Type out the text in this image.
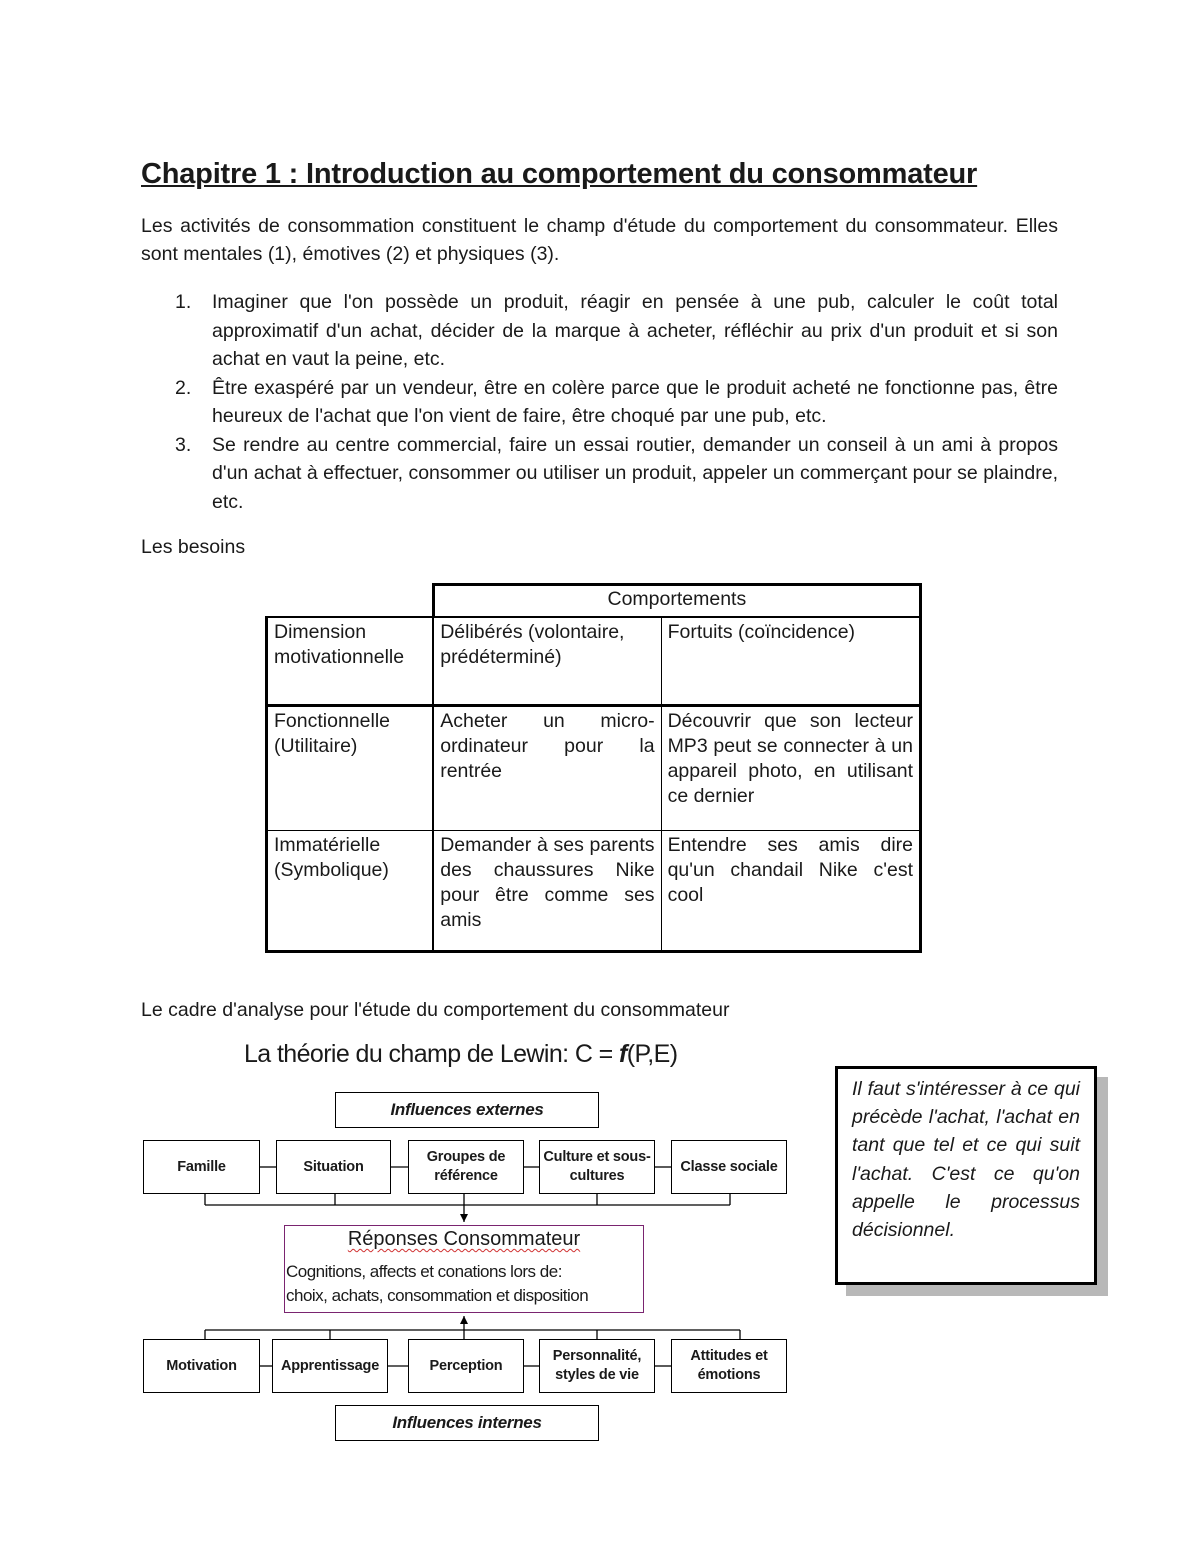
Chapitre 1 : Introduction au comportement du consommateur
Les activités de consommation constituent le champ d'étude du comportement du consommateur. Elles sont mentales (1), émotives (2) et physiques (3).
1. Imaginer que l'on possède un produit, réagir en pensée à une pub, calculer le coût total approximatif d'un achat, décider de la marque à acheter, réfléchir au prix d'un produit et si son achat en vaut la peine, etc.
2. Être exaspéré par un vendeur, être en colère parce que le produit acheté ne fonctionne pas, être heureux de l'achat que l'on vient de faire, être choqué par une pub, etc.
3. Se rendre au centre commercial, faire un essai routier, demander un conseil à un ami à propos d'un achat à effectuer, consommer ou utiliser un produit, appeler un commerçant pour se plaindre, etc.
Les besoins
	Comportements	
Dimension motivationnelle	Délibérés (volontaire, prédéterminé)	Fortuits (coïncidence)
Fonctionnelle (Utilitaire)	Acheter un micro-ordinateur pour la rentrée	Découvrir que son lecteur MP3 peut se connecter à un appareil photo, en utilisant ce dernier
Immatérielle (Symbolique)	Demander à ses parents des chaussures Nike pour être comme ses amis	Entendre ses amis dire qu'un chandail Nike c'est cool
Le cadre d'analyse pour l'étude du comportement du consommateur
La théorie du champ de Lewin: C = f(P,E)
Influences externes
Famille	Situation
Groupes de référence
Culture et sous-cultures
Classe sociale
Réponses Consommateur
Cognitions, affects et conations lors de:
choix, achats, consommation et disposition
Motivation	Apprentissage	Perception
Personnalité, styles de vie
Attitudes et émotions
Influences internes
Il faut s'intéresser à ce qui précède l'achat, l'achat en tant que tel et ce qui suit l'achat. C'est ce qu'on appelle le processus décisionnel.
